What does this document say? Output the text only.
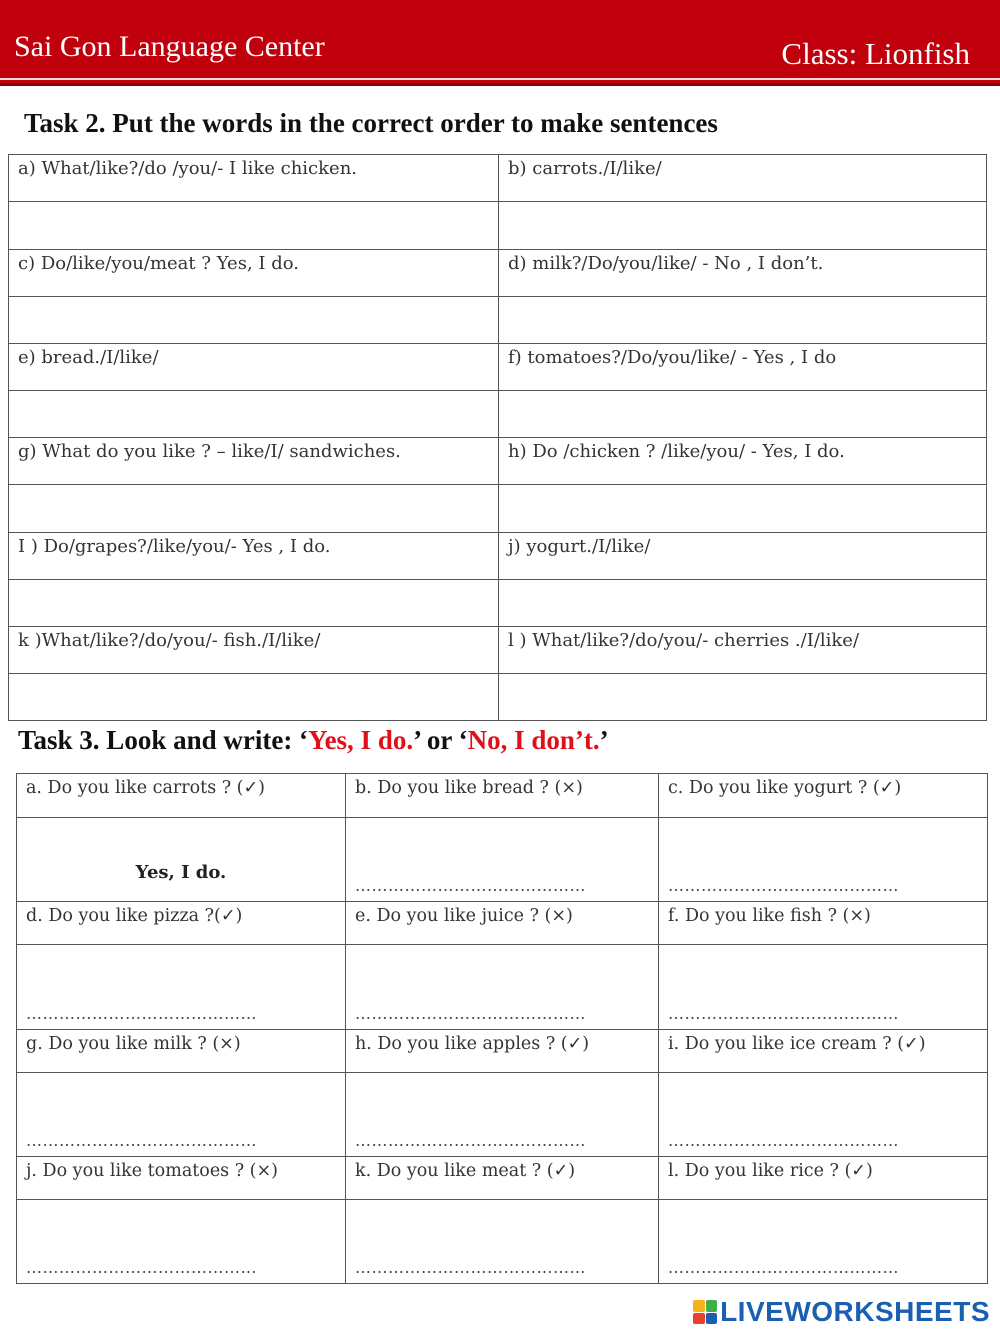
Sai Gon Language Center	Class: Lionfish
Task 2. Put the words in the correct order to make sentences
a) What/like?/do /you/- I like chicken.	b) carrots./I/like/

c) Do/like/you/meat ? Yes, I do.	d) milk?/Do/you/like/ - No , I don’t.

e) bread./I/like/	f) tomatoes?/Do/you/like/ - Yes , I do

g) What do you like ? – like/I/ sandwiches.	h) Do /chicken ? /like/you/ - Yes, I do.

I ) Do/grapes?/like/you/- Yes , I do.	j) yogurt./I/like/

k )What/like?/do/you/- fish./I/like/	l ) What/like?/do/you/- cherries ./I/like/

Task 3. Look and write: ‘Yes, I do.’ or ‘No, I don’t.’
a. Do you like carrots ? (✓)	b. Do you like bread ? (×)	c. Do you like yogurt ? (✓)

Yes, I do.	……………………………………	……………………………………

d. Do you like pizza ?(✓)	e. Do you like juice ? (×)	f. Do you like fish ? (×)

……………………………………	……………………………………	……………………………………

g. Do you like milk ? (×)	h. Do you like apples ? (✓)	i. Do you like ice cream ? (✓)

……………………………………	……………………………………	……………………………………

j. Do you like tomatoes ? (×)	k. Do you like meat ? (✓)	l. Do you like rice ? (✓)

……………………………………	……………………………………	……………………………………
LIVEWORKSHEETS
